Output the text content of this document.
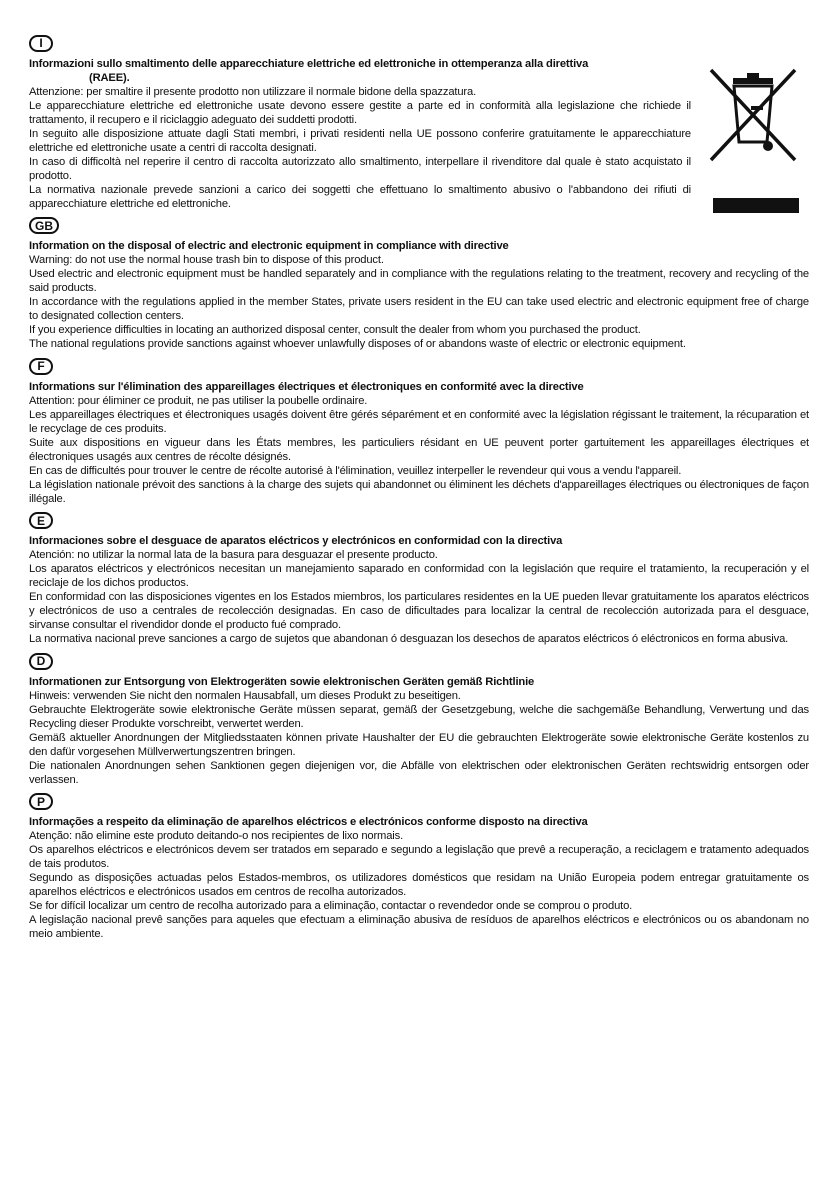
I

Informazioni sullo smaltimento delle apparecchiature elettriche ed elettroniche in ottemperanza alla direttiva
(RAEE).

Attenzione: per smaltire il presente prodotto non utilizzare il normale bidone della spazzatura.

Le apparecchiature elettriche ed elettroniche usate devono essere gestite a parte ed in conformità alla legislazione che richiede il trattamento, il recupero e il riciclaggio adeguato dei suddetti prodotti.

In seguito alle disposizione attuate dagli Stati membri, i privati residenti nella UE possono conferire gratuitamente le apparecchiature elettriche ed elettroniche usate a centri di raccolta designati.

In caso di difficoltà nel reperire il centro di raccolta autorizzato allo smaltimento, interpellare il rivenditore dal quale è stato acquistato il prodotto.

La normativa nazionale prevede sanzioni a carico dei soggetti che effettuano lo smaltimento abusivo o l'abbandono dei rifiuti di apparecchiature elettriche ed elettroniche.

GB

Information on the disposal of electric and electronic equipment in compliance with directive

Warning: do not use the normal house trash bin to dispose of this product.

Used electric and electronic equipment must be handled separately and in compliance with the regulations relating to the treatment, recovery and recycling of the said products.

In accordance with the regulations applied in the member States, private users resident in the EU can take used electric and electronic equipment free of charge to designated collection centers.

If you experience difficulties in locating an authorized disposal center, consult the dealer from whom you purchased the product.

The national regulations provide sanctions against whoever unlawfully disposes of or abandons waste of electric or electronic equipment.

F

Informations sur l'élimination des appareillages électriques et électroniques en conformité avec la directive

Attention: pour éliminer ce produit, ne pas utiliser la poubelle ordinaire.

Les appareillages électriques et électroniques usagés doivent être gérés séparément et en conformité avec la législation régissant le traitement, la récuparation et le recyclage de ces produits.

Suite aux dispositions en vigueur dans les États membres, les particuliers résidant en UE peuvent porter gartuitement les appareillages électriques et électroniques usagés aux centres de récolte désignés.

En cas de difficultés pour trouver le centre de récolte autorisé à l'élimination, veuillez interpeller le revendeur qui vous a vendu l'appareil.

La législation nationale prévoit des sanctions à la charge des sujets qui abandonnet ou éliminent les déchets d'appareillages électriques ou électroniques de façon illégale.

E

Informaciones sobre el desguace de aparatos eléctricos y electrónicos en conformidad con la directiva

Atención: no utilizar la normal lata de la basura para desguazar el presente producto.

Los aparatos eléctricos y electrónicos necesitan un manejamiento saparado en conformidad con la legislación que require el tratamiento, la recuperación y el reciclaje de los dichos productos.

En conformidad con las disposiciones vigentes en los Estados miembros, los particulares residentes en la UE pueden llevar gratuitamente los aparatos eléctricos y electrónicos de uso a centrales de recolección designadas. En caso de dificultades para localizar la central de recolección autorizada para el desguace, sirvanse consultar el rivendidor donde el producto fué comprado.

La normativa nacional preve sanciones a cargo de sujetos que abandonan ó desguazan los desechos de aparatos eléctricos ó eléctronicos en forma abusiva.

D

Informationen zur Entsorgung von Elektrogeräten sowie elektronischen Geräten gemäß Richtlinie

Hinweis: verwenden Sie nicht den normalen Hausabfall, um dieses Produkt zu beseitigen.

Gebrauchte Elektrogeräte sowie elektronische Geräte müssen separat, gemäß der Gesetzgebung, welche die sachgemäße Behandlung, Verwertung und das Recycling dieser Produkte vorschreibt, verwertet werden.

Gemäß aktueller Anordnungen der Mitgliedsstaaten können private Haushalter der EU die gebrauchten Elektrogeräte sowie elektronische Geräte kostenlos zu den dafür vorgesehen Müllverwertungszentren bringen.

Die nationalen Anordnungen sehen Sanktionen gegen diejenigen vor, die Abfälle von elektrischen oder elektronischen Geräten rechtswidrig entsorgen oder verlassen.

P

Informações a respeito da eliminação de aparelhos eléctricos e electrónicos conforme disposto na directiva

Atenção: não elimine este produto deitando-o nos recipientes de lixo normais.

Os aparelhos eléctricos e electrónicos devem ser tratados em separado e segundo a legislação que prevê a recuperação, a reciclagem e tratamento adequados de tais produtos.

Segundo as disposições actuadas pelos Estados-membros, os utilizadores domésticos que residam na União Europeia podem entregar gratuitamente os aparelhos eléctricos e electrónicos usados em centros de recolha autorizados.

Se for difícil localizar um centro de recolha autorizado para a eliminação, contactar o revendedor onde se comprou o produto.

A legislação nacional prevê sanções para aqueles que efectuam a eliminação abusiva de resíduos de aparelhos eléctricos e electrónicos ou os abandonam no meio ambiente.
